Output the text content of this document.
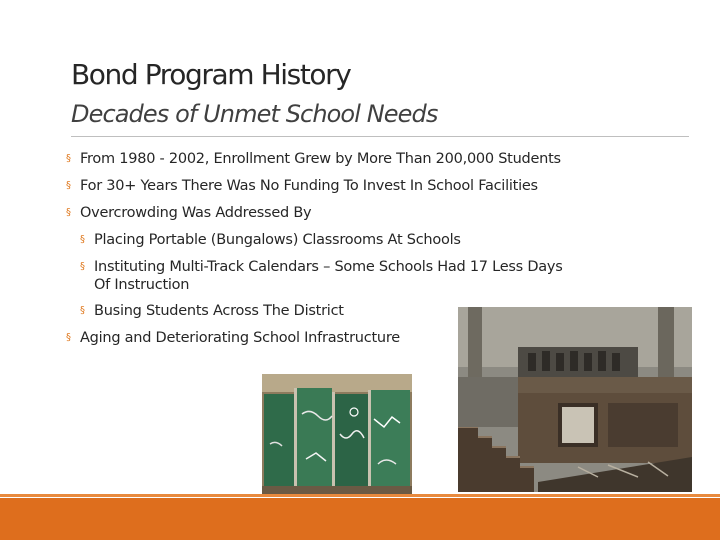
Bond Program History
Decades of Unmet School Needs
§ From 1980 - 2002, Enrollment Grew by More Than 200,000 Students
§ For 30+ Years There Was No Funding To Invest In School Facilities
§ Overcrowding Was Addressed By
§ Placing Portable (Bungalows) Classrooms At Schools
§ Instituting Multi-Track Calendars – Some Schools Had 17 Less Days
Of Instruction
§ Busing Students Across The District
§ Aging and Deteriorating School Infrastructure
